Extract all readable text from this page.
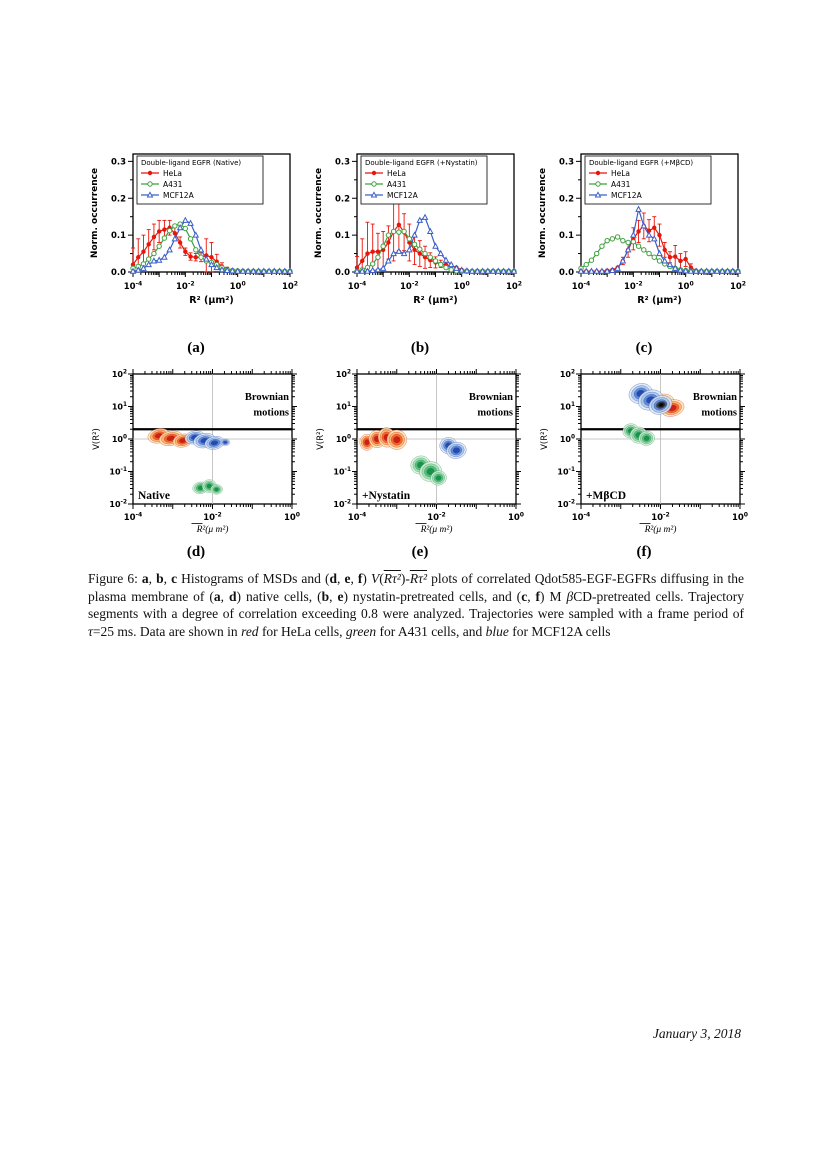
0.0
0.1
0.2
0.3
$10^{-4}$	$10^{-2}$	$10^0$	$10^2$
Norm. occurrence
R² (μm²)
Double-ligand EGFR (Native)
HeLa
A431
MCF12A
(a)
0.0
0.1
0.2
0.3
$10^{-4}$	$10^{-2}$	$10^0$	$10^2$
Norm. occurrence
R² (μm²)
Double-ligand EGFR (+Nystatin)
HeLa
A431
MCF12A
(b)
0.0
0.1
0.2
0.3
$10^{-4}$	$10^{-2}$	$10^0$	$10^2$
Norm. occurrence
R² (μm²)
Double-ligand EGFR (+MβCD)
HeLa
A431
MCF12A
(c)
$10^{-4}$	$10^{-2}$	$10^0$
$10^{-2}$
$10^{-1}$
$10^0$
$10^1$
$10^2$
Native
Brownian
motions
R²(μ m²)
V(R²)
(d)
$10^{-4}$	$10^{-2}$	$10^0$
$10^{-2}$
$10^{-1}$
$10^0$
$10^1$
$10^2$
+Nystatin
Brownian
motions
R²(μ m²)
V(R²)
(e)
$10^{-4}$	$10^{-2}$	$10^0$
$10^{-2}$
$10^{-1}$
$10^0$
$10^1$
$10^2$
+MβCD
Brownian
motions
R²(μ m²)
V(R²)
(f)

Figure 6: a, b, c Histograms of MSDs and (d, e, f) V(Rτ²)-Rτ² plots of correlated Qdot585-EGF-EGFRs diffusing in the plasma membrane of (a, d) native cells, (b, e) nystatin-pretreated cells, and (c, f) M βCD-pretreated cells. Trajectory segments with a degree of correlation exceeding 0.8 were analyzed. Trajectories were sampled with a frame period of τ=25 ms. Data are shown in red for HeLa cells, green for A431 cells, and blue for MCF12A cells

January 3, 2018
